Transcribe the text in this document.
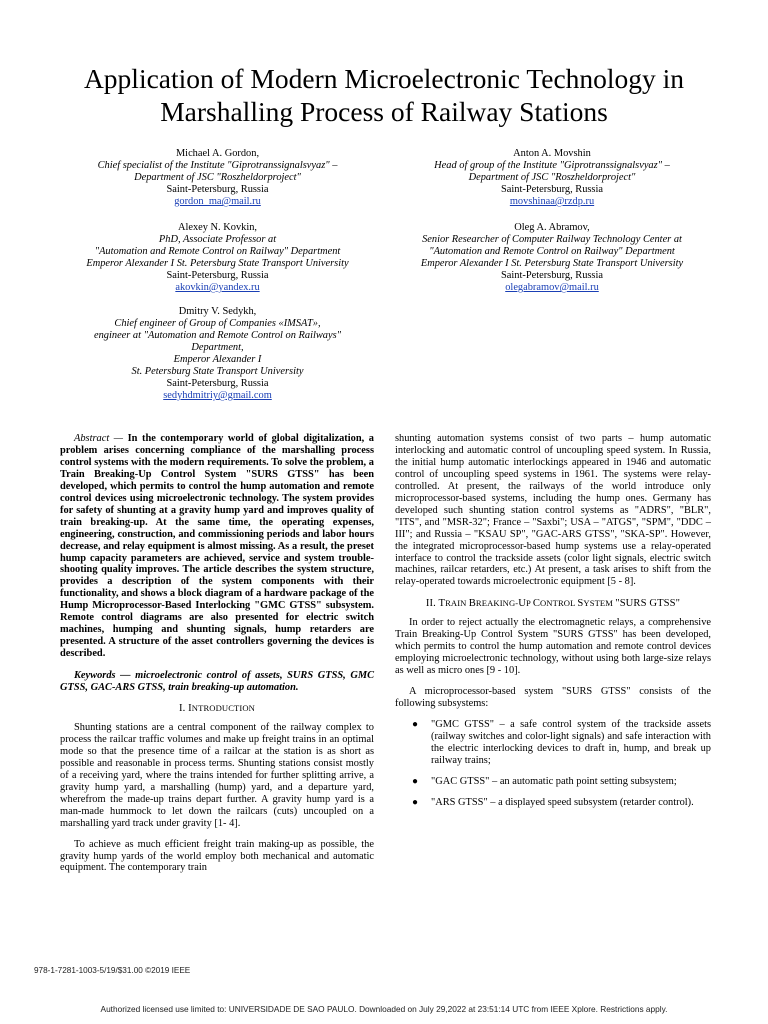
Application of Modern Microelectronic Technology in Marshalling Process of Railway Stations
Michael A. Gordon,
Chief specialist of the Institute "Giprotranssignalsvyaz" –
Department of JSC "Roszheldorproject"
Saint-Petersburg, Russia
gordon_ma@mail.ru
Anton A. Movshin
Head of group of the Institute "Giprotranssignalsvyaz" –
Department of JSC "Roszheldorproject"
Saint-Petersburg, Russia
movshinaa@rzdp.ru
Alexey N. Kovkin,
PhD, Associate Professor at
"Automation and Remote Control on Railway" Department
Emperor Alexander I St. Petersburg State Transport University
Saint-Petersburg, Russia
akovkin@yandex.ru
Oleg A. Abramov,
Senior Researcher of Computer Railway Technology Center at
"Automation and Remote Control on Railway" Department
Emperor Alexander I St. Petersburg State Transport University
Saint-Petersburg, Russia
olegabramov@mail.ru
Dmitry V. Sedykh,
Chief engineer of Group of Companies «IMSAT»,
engineer at "Automation and Remote Control on Railways"
Department,
Emperor Alexander I
St. Petersburg State Transport University
Saint-Petersburg, Russia
sedyhdmitriy@gmail.com

Abstract — In the contemporary world of global digitalization, a problem arises concerning compliance of the marshalling process control systems with the modern requirements. To solve the problem, a Train Breaking-Up Control System "SURS GTSS" has been developed, which permits to control the hump automation and remote control devices using microelectronic technology. The system provides for safety of shunting at a gravity hump yard and improves quality of train breaking-up. At the same time, the operating expenses, engineering, construction, and commissioning periods and labor hours decrease, and relay equipment is almost missing. As a result, the preset hump capacity parameters are achieved, service and system trouble-shooting quality improves. The article describes the system structure, provides a description of the system components with their functionality, and shows a block diagram of a hardware package of the Hump Microprocessor-Based Interlocking "GMC GTSS" subsystem. Remote control diagrams are also presented for electric switch machines, humping and shunting signals, hump retarders are presented. A structure of the asset controllers governing the devices is described.

Keywords — microelectronic control of assets, SURS GTSS, GMC GTSS, GAC-ARS GTSS, train breaking-up automation.

I. INTRODUCTION

Shunting stations are a central component of the railway complex to process the railcar traffic volumes and make up freight trains in an optimal mode so that the presence time of a railcar at the station is as short as possible and reasonable in process terms. Shunting stations consist mostly of a receiving yard, where the trains intended for further splitting arrive, a gravity hump yard, a marshalling (hump) yard, and a departure yard, wherefrom the made-up trains depart further. A gravity hump yard is a man-made hummock to let down the railcars (cuts) uncoupled on a marshalling yard track under gravity [1- 4].

To achieve as much efficient freight train making-up as possible, the gravity hump yards of the world employ both mechanical and automatic equipment. The contemporary train

shunting automation systems consist of two parts – hump automatic interlocking and automatic control of uncoupling speed system. In Russia, the initial hump automatic interlockings appeared in 1946 and automatic control of uncoupling speed systems in 1961. The systems were relay-controlled. At present, the railways of the world introduce only microprocessor-based systems, including the hump ones. Germany has developed such shunting station control systems as "ADRS", "BLR", "ITS", and "MSR-32"; France – "Saxbi"; USA – "ATGS", "SPM", "DDC – III"; and Russia – "KSAU SP", "GAC-ARS GTSS", "SKA-SP". However, the integrated microprocessor-based hump systems use a relay-operated interface to control the trackside assets (color light signals, electric switch machines, railcar retarders, etc.) At present, a task arises to shift from the relay-operated towards microelectronic equipment [5 - 8].

II. TRAIN BREAKING-UP CONTROL SYSTEM "SURS GTSS"

In order to reject actually the electromagnetic relays, a comprehensive Train Breaking-Up Control System "SURS GTSS" has been developed, which permits to control the hump automation and remote control devices employing microelectronic technology, without using both large-size relays as well as micro ones [9 - 10].

A microprocessor-based system "SURS GTSS" consists of the following subsystems:

● "GMC GTSS" – a safe control system of the trackside assets (railway switches and color-light signals) and safe interaction with the electric interlocking devices to draft in, hump, and break up railway trains;
● "GAC GTSS" – an automatic path point setting subsystem;
● "ARS GTSS" – a displayed speed subsystem (retarder control).
978-1-7281-1003-5/19/$31.00 ©2019 IEEE
Authorized licensed use limited to: UNIVERSIDADE DE SAO PAULO. Downloaded on July 29,2022 at 23:51:14 UTC from IEEE Xplore. Restrictions apply.
